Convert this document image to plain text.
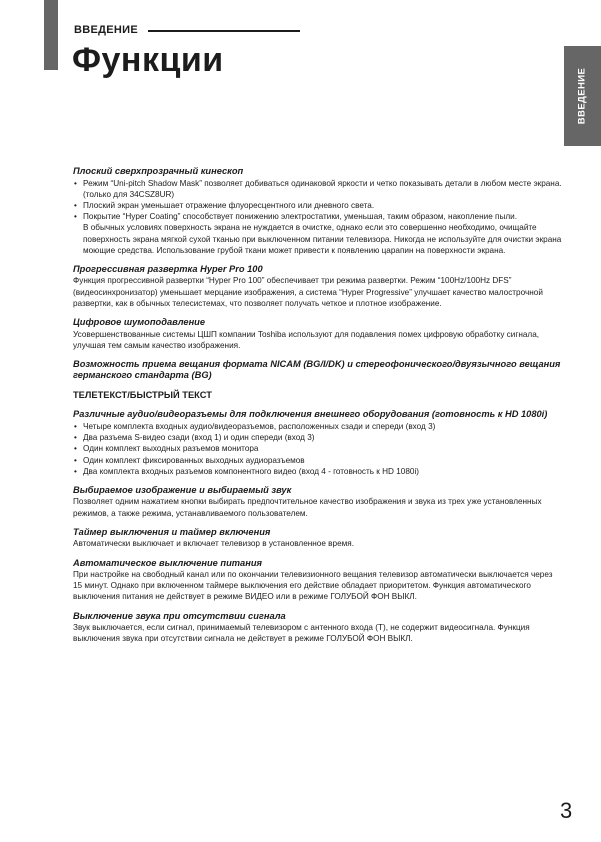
ВВЕДЕНИЕ
Функции
ВВЕДЕНИЕ

Плоский сверхпрозрачный кинескоп

• Режим “Uni-pitch Shadow Mask” позволяет добиваться одинаковой яркости и четко показывать детали в любом месте экрана. (только для 34CSZ8UR)
• Плоский экран уменьшает отражение флуоресцентного или дневного света.
• Покрытие “Hyper Coating” способствует понижению электростатики, уменьшая, таким образом, накопление пыли.

В обычных условиях поверхность экрана не нуждается в очистке, однако если это совершенно необходимо, очищайте поверхность экрана мягкой сухой тканью при выключенном питании телевизора. Никогда не используйте для очистки экрана моющие средства. Использование грубой ткани может привести к появлению царапин на поверхности экрана.

Прогрессивная развертка Hyper Pro 100

Функция прогрессивной развертки “Hyper Pro 100” обеспечивает три режима развертки. Режим “100Hz/100Hz DFS” (видеосинхронизатор) уменьшает мерцание изображения, а система “Hyper Progressive” улучшает качество малострочной развертки, как в обычных телесистемах, что позволяет получать четкое и плотное изображение.

Цифровое шумоподавление

Усовершенствованные системы ЦШП компании Toshiba используют для подавления помех цифровую обработку сигнала, улучшая тем самым качество изображения.

Возможность приема вещания формата NICAM (BG/I/DK) и стереофонического/двуязычного вещания германского стандарта (BG)

ТЕЛЕТЕКСТ/БЫСТРЫЙ ТЕКСТ

Различные аудио/видеоразъемы для подключения внешнего оборудования (готовность к HD 1080i)

• Четыре комплекта входных аудио/видеоразъемов, расположенных сзади и спереди (вход 3)
• Два разъема S-видео сзади (вход 1) и один спереди (вход 3)
• Один комплект выходных разъемов монитора
• Один комплект фиксированных выходных аудиоразъемов
• Два комплекта входных разъемов компонентного видео (вход 4 - готовность к HD 1080i)

Выбираемое изображение и выбираемый звук

Позволяет одним нажатием кнопки выбирать предпочтительное качество изображения и звука из трех уже установленных режимов, а также режима, устанавливаемого пользователем.

Таймер выключения и таймер включения

Автоматически выключает и включает телевизор в установленное время.

Автоматическое выключение питания

При настройке на свободный канал или по окончании телевизионного вещания телевизор автоматически выключается через 15 минут. Однако при включенном таймере выключения его действие обладает приоритетом. Функция автоматического выключения питания не действует в режиме ВИДЕО или в режиме ГОЛУБОЙ ФОН ВЫКЛ.

Выключение звука при отсутствии сигнала

Звук выключается, если сигнал, принимаемый телевизором с антенного входа (Т), не содержит видеосигнала. Функция выключения звука при отсутствии сигнала не действует в режиме ГОЛУБОЙ ФОН ВЫКЛ.

3
